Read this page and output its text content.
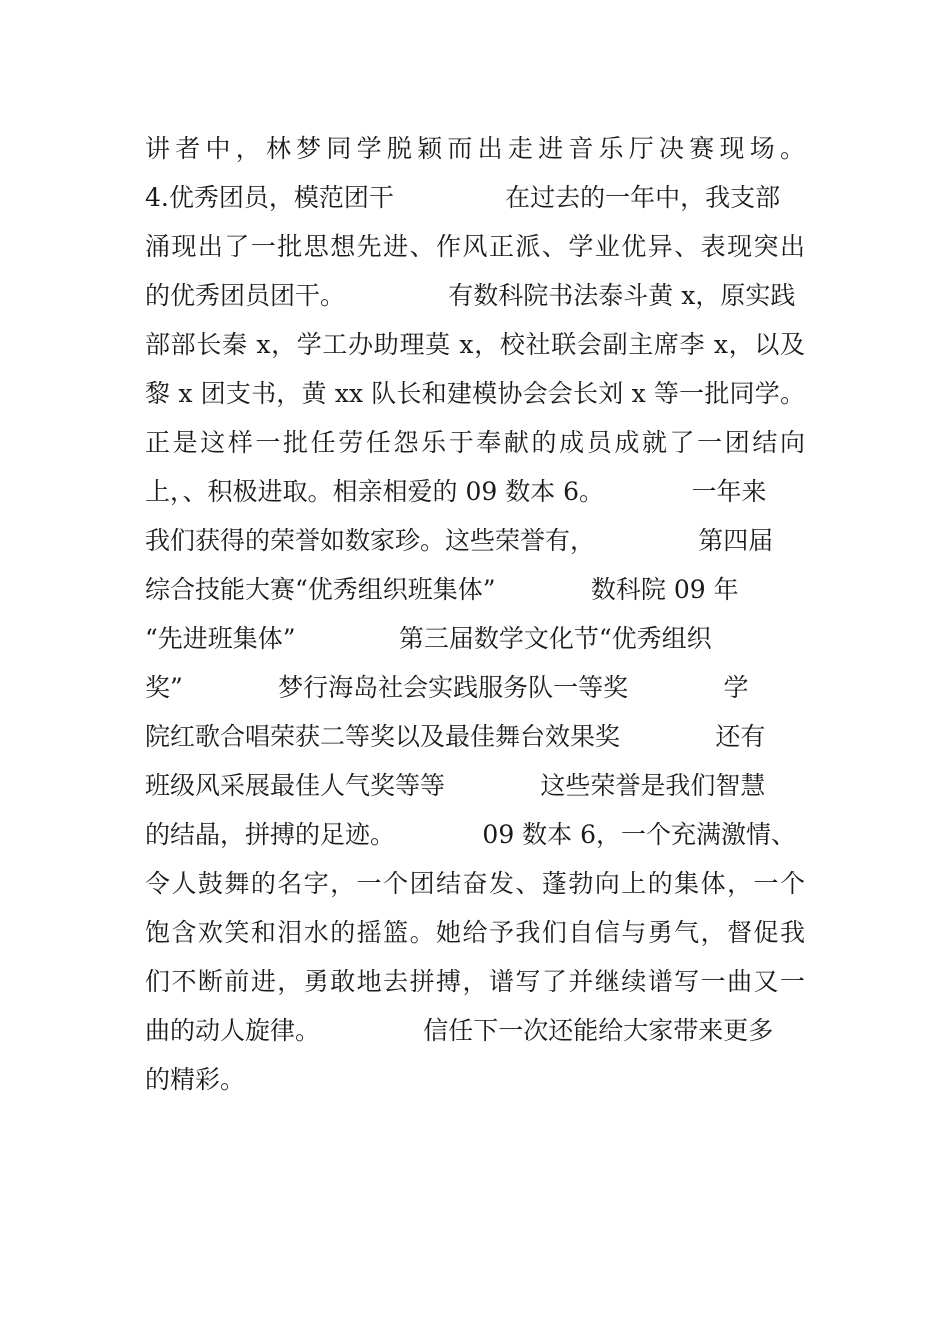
讲者中，林梦同学脱颖而出走进音乐厅决赛现场。
4.优秀团员，模范团干              在过去的一年中，我支部
涌现出了一批思想先进、作风正派、学业优异、表现突出
的优秀团员团干。             有数科院书法泰斗黄 x，原实践
部部长秦 x，学工办助理莫 x，校社联会副主席李 x，以及
黎 x 团支书，黄 xx 队长和建模协会会长刘 x 等一批同学。
正是这样一批任劳任怨乐于奉献的成员成就了一团结向
上，、积极进取。相亲相爱的 09 数本 6。           一年来
我们获得的荣誉如数家珍。这些荣誉有，             第四届
综合技能大赛“优秀组织班集体”            数科院 09 年
“先进班集体”             第三届数学文化节“优秀组织
奖”            梦行海岛社会实践服务队一等奖            学
院红歌合唱荣获二等奖以及最佳舞台效果奖            还有
班级风采展最佳人气奖等等            这些荣誉是我们智慧
的结晶，拼搏的足迹。           09 数本 6，一个充满激情、
令人鼓舞的名字，一个团结奋发、蓬勃向上的集体，一个
饱含欢笑和泪水的摇篮。她给予我们自信与勇气，督促我
们不断前进，勇敢地去拼搏，谱写了并继续谱写一曲又一
曲的动人旋律。             信任下一次还能给大家带来更多
的精彩。
